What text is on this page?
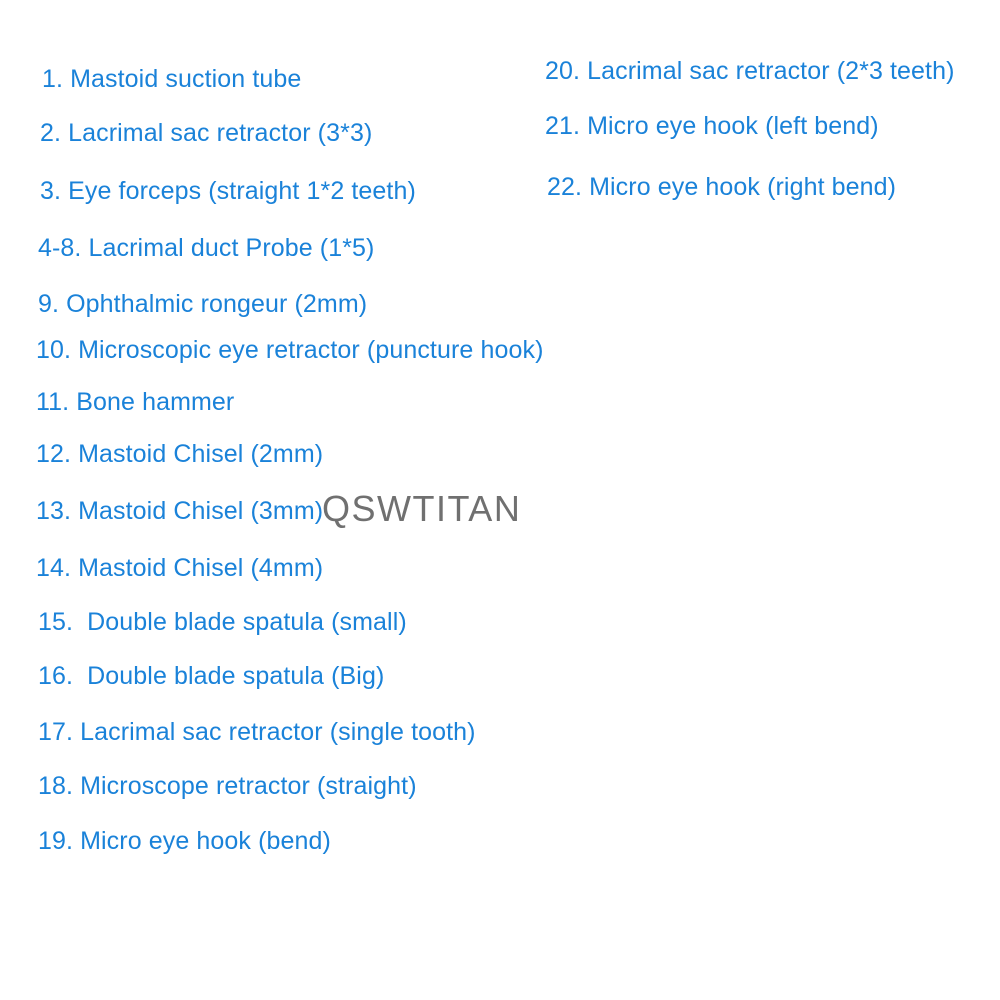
1. Mastoid suction tube
2. Lacrimal sac retractor (3*3)
3. Eye forceps (straight 1*2 teeth)
4-8. Lacrimal duct Probe (1*5)
9. Ophthalmic rongeur (2mm)
10. Microscopic eye retractor (puncture hook)
11. Bone hammer
12. Mastoid Chisel (2mm)
13. Mastoid Chisel (3mm)
14. Mastoid Chisel (4mm)
15.  Double blade spatula (small)
16.  Double blade spatula (Big)
17. Lacrimal sac retractor (single tooth)
18. Microscope retractor (straight)
19. Micro eye hook (bend)
20. Lacrimal sac retractor (2*3 teeth)
21. Micro eye hook (left bend)
22. Micro eye hook (right bend)
QSWTITAN
